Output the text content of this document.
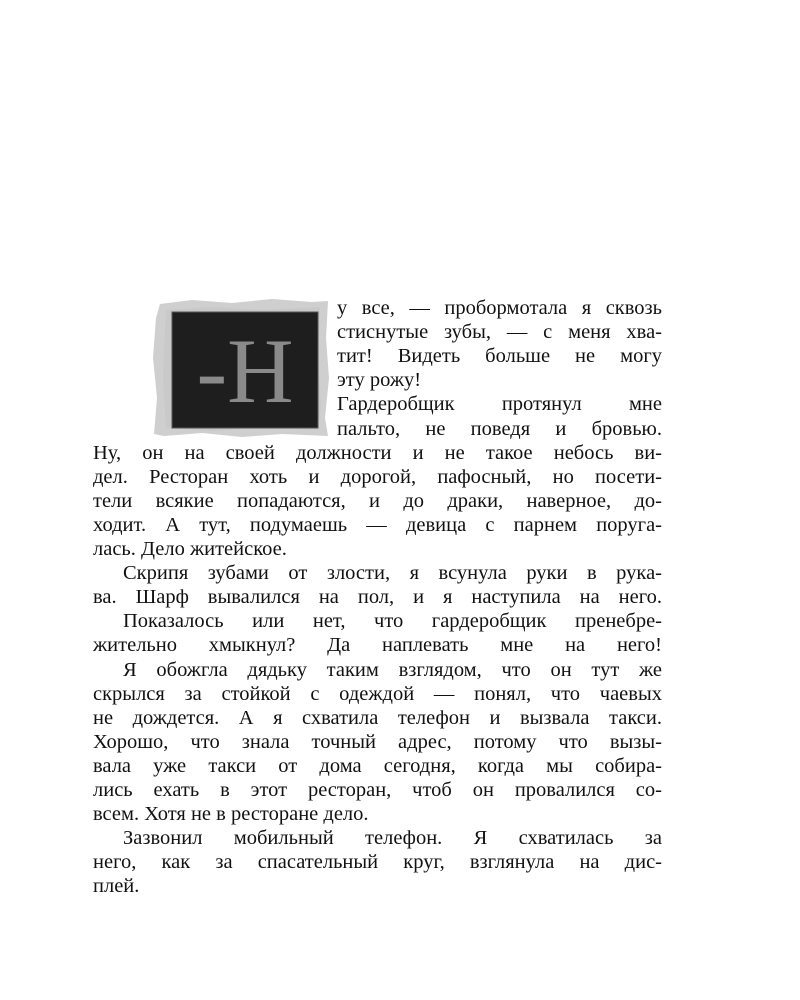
-Н
у все, — пробормотала я сквозь
стиснутые зубы, — с меня хва-
тит! Видеть больше не могу
эту рожу!
Гардеробщик протянул мне
пальто, не поведя и бровью.
Ну, он на своей должности и не такое небось ви-
дел. Ресторан хоть и дорогой, пафосный, но посети-
тели всякие попадаются, и до драки, наверное, до-
ходит. А тут, подумаешь — девица с парнем поруга-
лась. Дело житейское.
Скрипя зубами от злости, я всунула руки в рука-
ва. Шарф вывалился на пол, и я наступила на него.
Показалось или нет, что гардеробщик пренебре-
жительно хмыкнул? Да наплевать мне на него!
Я обожгла дядьку таким взглядом, что он тут же
скрылся за стойкой с одеждой — понял, что чаевых
не дождется. А я схватила телефон и вызвала такси.
Хорошо, что знала точный адрес, потому что вызы-
вала уже такси от дома сегодня, когда мы собира-
лись ехать в этот ресторан, чтоб он провалился со-
всем. Хотя не в ресторане дело.
Зазвонил мобильный телефон. Я схватилась за
него, как за спасательный круг, взглянула на дис-
плей.
